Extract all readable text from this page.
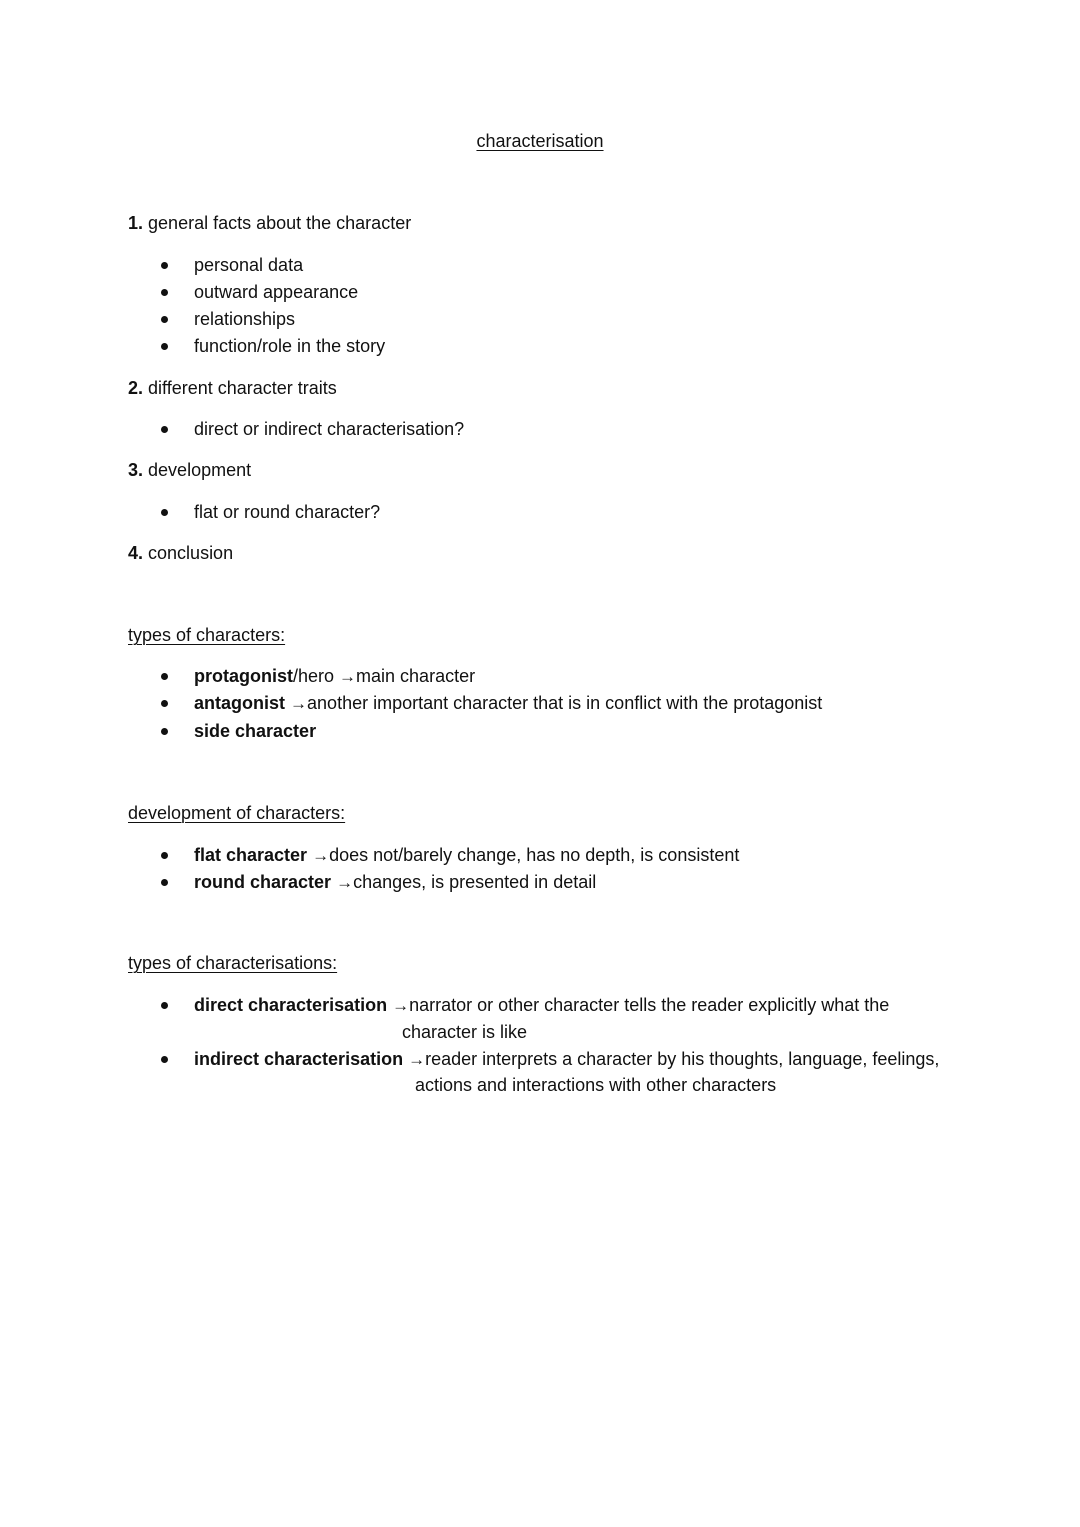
characterisation
1. general facts about the character
personal data
outward appearance
relationships
function/role in the story
2. different character traits
direct or indirect characterisation?
3. development
flat or round character?
4. conclusion
types of characters:
protagonist/hero →main character
antagonist →another important character that is in conflict with the protagonist
side character
development of characters:
flat character →does not/barely change, has no depth, is consistent
round character →changes, is presented in detail
types of characterisations:
direct characterisation →narrator or other character tells the reader explicitly what the
character is like
indirect characterisation →reader interprets a character by his thoughts, language, feelings,
actions and interactions with other characters
